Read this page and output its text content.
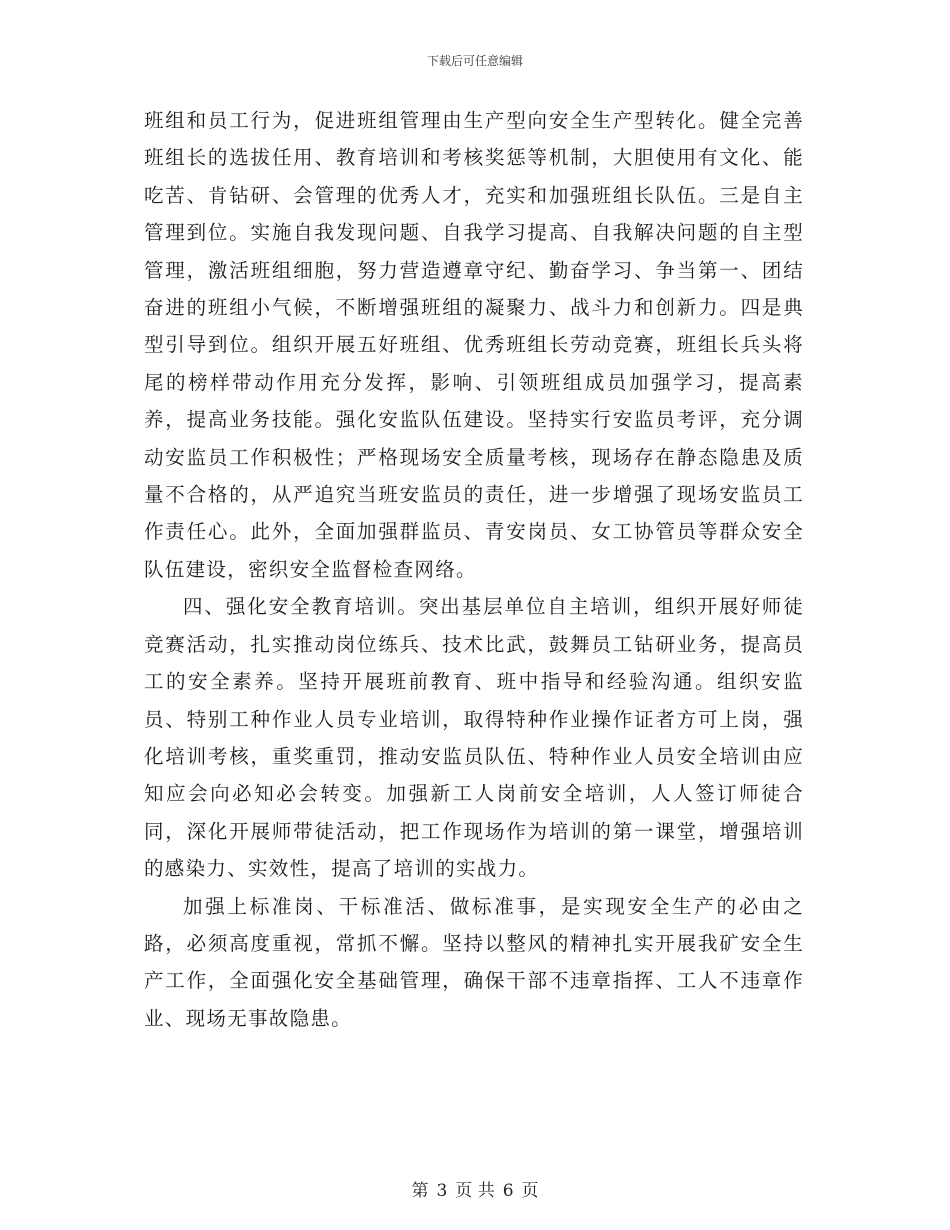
下载后可任意编辑

班组和员工行为，促进班组管理由生产型向安全生产型转化。健全完善班组长的选拔任用、教育培训和考核奖惩等机制，大胆使用有文化、能吃苦、肯钻研、会管理的优秀人才，充实和加强班组长队伍。三是自主管理到位。实施自我发现问题、自我学习提高、自我解决问题的自主型管理，激活班组细胞，努力营造遵章守纪、勤奋学习、争当第一、团结奋进的班组小气候，不断增强班组的凝聚力、战斗力和创新力。四是典型引导到位。组织开展五好班组、优秀班组长劳动竞赛，班组长兵头将尾的榜样带动作用充分发挥，影响、引领班组成员加强学习，提高素养，提高业务技能。强化安监队伍建设。坚持实行安监员考评，充分调动安监员工作积极性；严格现场安全质量考核，现场存在静态隐患及质量不合格的，从严追究当班安监员的责任，进一步增强了现场安监员工作责任心。此外，全面加强群监员、青安岗员、女工协管员等群众安全队伍建设，密织安全监督检查网络。

四、强化安全教育培训。突出基层单位自主培训，组织开展好师徒竞赛活动，扎实推动岗位练兵、技术比武，鼓舞员工钻研业务，提高员工的安全素养。坚持开展班前教育、班中指导和经验沟通。组织安监员、特别工种作业人员专业培训，取得特种作业操作证者方可上岗，强化培训考核，重奖重罚，推动安监员队伍、特种作业人员安全培训由应知应会向必知必会转变。加强新工人岗前安全培训，人人签订师徒合同，深化开展师带徒活动，把工作现场作为培训的第一课堂，增强培训的感染力、实效性，提高了培训的实战力。

加强上标准岗、干标准活、做标准事，是实现安全生产的必由之路，必须高度重视，常抓不懈。坚持以整风的精神扎实开展我矿安全生产工作，全面强化安全基础管理，确保干部不违章指挥、工人不违章作业、现场无事故隐患。

第 3 页 共 6 页
